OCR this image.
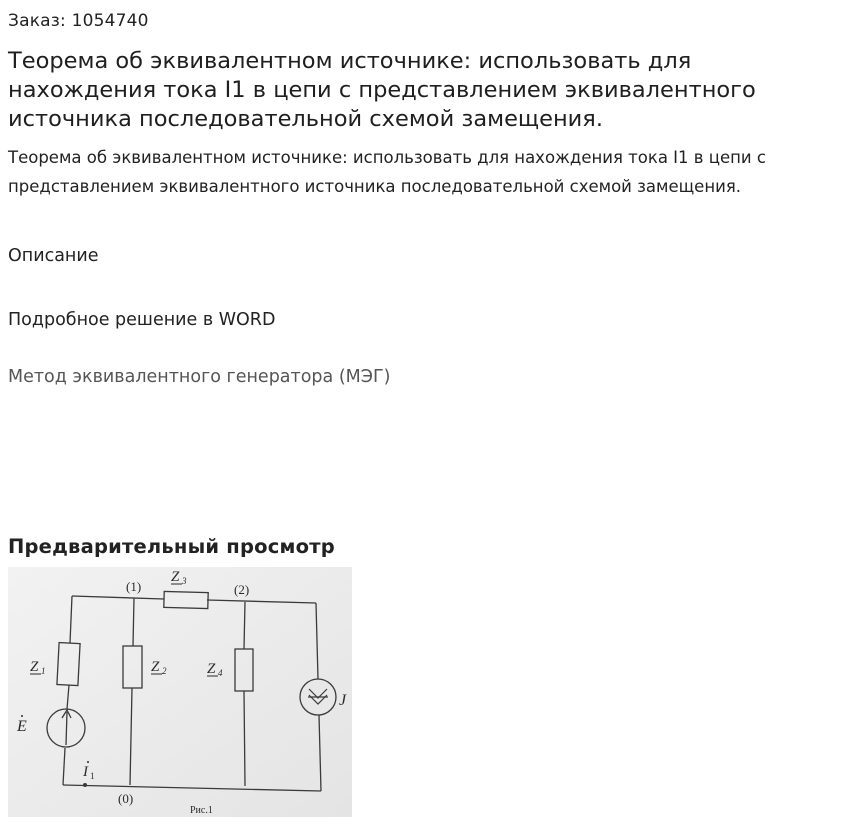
Заказ: 1054740
Теорема об эквивалентном источнике: использовать для нахождения тока I1 в цепи с представлением эквивалентного источника последовательной схемой замещения.

Теорема об эквивалентном источнике: использовать для нахождения тока I1 в цепи с представлением эквивалентного источника последовательной схемой замещения.

Описание
Подробное решение в WORD
Метод эквивалентного генератора (МЭГ)
Предварительный просмотр
(1)	(2)
(0)
Z 3
Z 1	Z 2	Z 4
E
J
I 1
Рис.1
